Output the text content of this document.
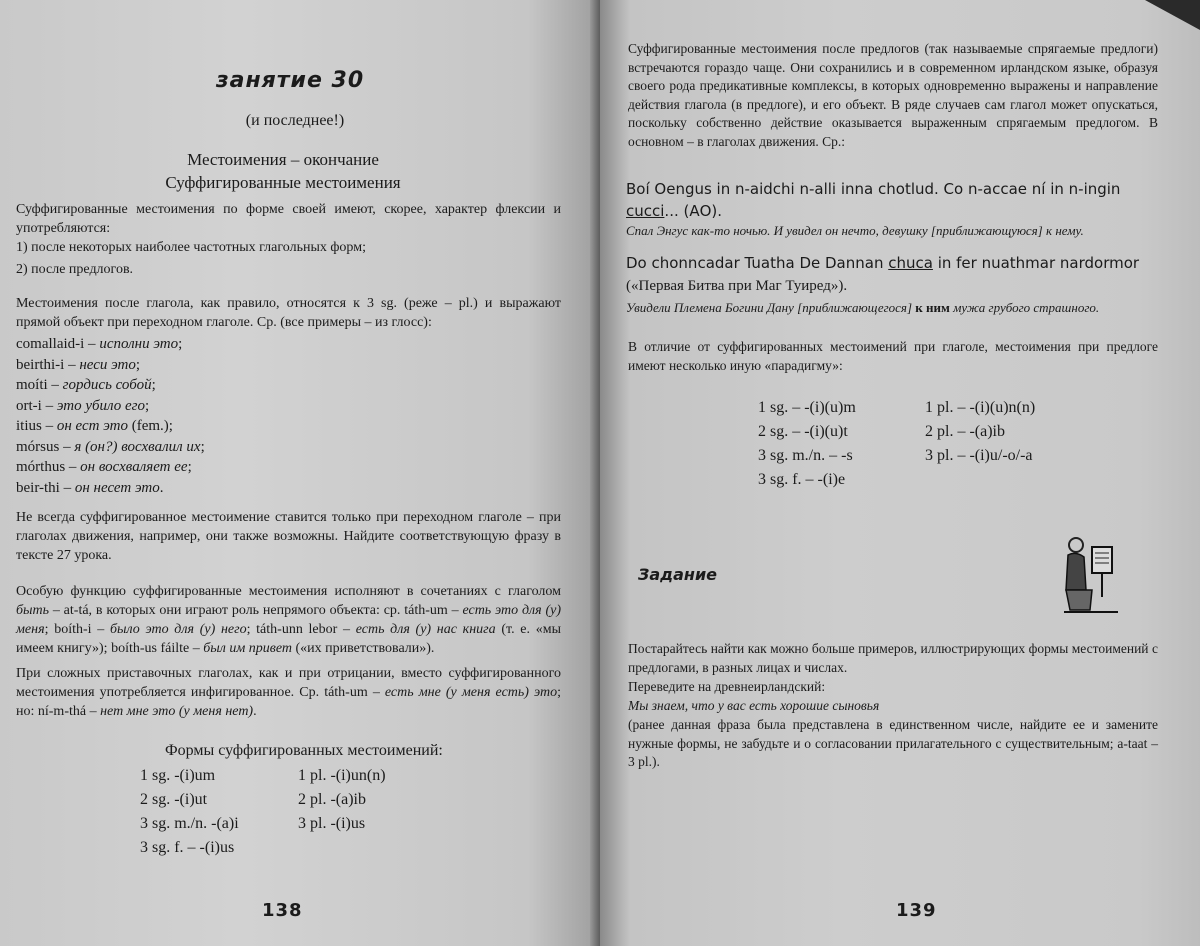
занятие 30
(и последнее!)
Местоимения – окончание
Суффигированные местоимения
Суффигированные местоимения по форме своей имеют, скорее, характер флексии и употребляются:
1) после некоторых наиболее частотных глагольных форм;
2) после предлогов.
Местоимения после глагола, как правило, относятся к 3 sg. (реже – pl.) и выражают прямой объект при переходном глаголе. Ср. (все примеры – из глосс):
comallaid-i – исполни это;
beirthi-i – неси это;
moíti – гордись собой;
ort-i – это убило его;
itius – он ест это (fem.);
mórsus – я (он?) восхвалил их;
mórthus – он восхваляет ее;
beir-thi – он несет это.
Не всегда суффигированное местоимение ставится только при переходном глаголе – при глаголах движения, например, они также возможны. Найдите соответствующую фразу в тексте 27 урока.
Особую функцию суффигированные местоимения исполняют в сочетаниях с глаголом быть – at-tá, в которых они играют роль непрямого объекта: ср. táth-um – есть это для (у) меня; boíth-i – было это для (у) него; táth-unn lebor – есть для (у) нас книга (т. е. «мы имеем книгу»); boíth-us fáilte – был им привет («их приветствовали»).
При сложных приставочных глаголах, как и при отрицании, вместо суффигированного местоимения употребляется инфигированное. Ср. táth-um – есть мне (у меня есть) это; но: ní-m-thá – нет мне это (у меня нет).
Формы суффигированных местоимений:
1 sg. -(i)um
2 sg. -(i)ut
3 sg. m./n. -(a)i
3 sg. f. – -(i)us
1 pl. -(i)un(n)
2 pl. -(a)ib
3 pl. -(i)us
138
Суффигированные местоимения после предлогов (так называемые спрягаемые предлоги) встречаются гораздо чаще. Они сохранились и в современном ирландском языке, образуя своего рода предикативные комплексы, в которых одновременно выражены и направление действия глагола (в предлоге), и его объект. В ряде случаев сам глагол может опускаться, поскольку собственно действие оказывается выраженным спрягаемым предлогом. В основном – в глаголах движения. Ср.:
Boí Oengus in n-aidchi n-alli inna chotlud. Co n-accae ní in n-ingin cucci... (АО).
Спал Энгус как-то ночью. И увидел он нечто, девушку [приближающуюся] к нему.
Do chonncadar Tuatha De Dannan chuca in fer nuathmar nardormor
(«Первая Битва при Маг Туиред»).
Увидели Племена Богини Дану [приближающегося] к ним мужа грубого страшного.
В отличие от суффигированных местоимений при глаголе, местоимения при предлоге имеют несколько иную «парадигму»:
1 sg. – -(i)(u)m
2 sg. – -(i)(u)t
3 sg. m./n. – -s
3 sg. f. – -(i)e
1 pl. – -(i)(u)n(n)
2 pl. – -(a)ib
3 pl. – -(i)u/-o/-a
Задание
Постарайтесь найти как можно больше примеров, иллюстрирующих формы местоимений с предлогами, в разных лицах и числах.
Переведите на древнеирландский:
Мы знаем, что у вас есть хорошие сыновья
(ранее данная фраза была представлена в единственном числе, найдите ее и замените нужные формы, не забудьте и о согласовании прилагательного с существительным; a-taat – 3 pl.).
139
